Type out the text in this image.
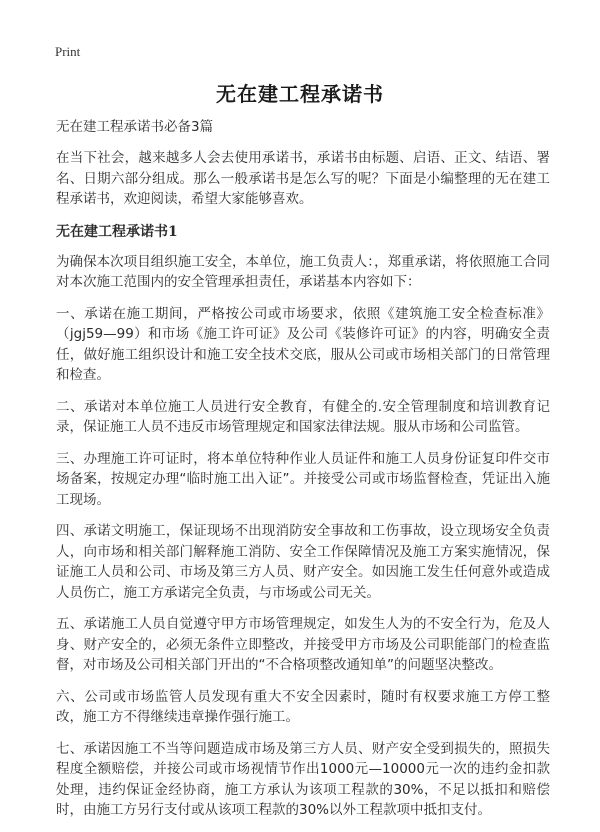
Print
无在建工程承诺书

无在建工程承诺书必备3篇

在当下社会，越来越多人会去使用承诺书，承诺书由标题、启语、正文、结语、署名、日期六部分组成。那么一般承诺书是怎么写的呢？下面是小编整理的无在建工程承诺书，欢迎阅读，希望大家能够喜欢。

无在建工程承诺书1

为确保本次项目组织施工安全，本单位，施工负责人：，郑重承诺，将依照施工合同对本次施工范围内的安全管理承担责任，承诺基本内容如下：

一、承诺在施工期间，严格按公司或市场要求，依照《建筑施工安全检查标准》（jgj59—99）和市场《施工许可证》及公司《装修许可证》的内容，明确安全责任，做好施工组织设计和施工安全技术交底，服从公司或市场相关部门的日常管理和检查。

二、承诺对本单位施工人员进行安全教育，有健全的.安全管理制度和培训教育记录，保证施工人员不违反市场管理规定和国家法律法规。服从市场和公司监管。

三、办理施工许可证时，将本单位特种作业人员证件和施工人员身份证复印件交市场备案，按规定办理“临时施工出入证”。并接受公司或市场监督检查，凭证出入施工现场。

四、承诺文明施工，保证现场不出现消防安全事故和工伤事故，设立现场安全负责人，向市场和相关部门解释施工消防、安全工作保障情况及施工方案实施情况，保证施工人员和公司、市场及第三方人员、财产安全。如因施工发生任何意外或造成人员伤亡，施工方承诺完全负责，与市场或公司无关。

五、承诺施工人员自觉遵守甲方市场管理规定，如发生人为的不安全行为，危及人身、财产安全的，必须无条件立即整改，并接受甲方市场及公司职能部门的检查监督，对市场及公司相关部门开出的“不合格项整改通知单”的问题坚决整改。

六、公司或市场监管人员发现有重大不安全因素时，随时有权要求施工方停工整改，施工方不得继续违章操作强行施工。

七、承诺因施工不当等问题造成市场及第三方人员、财产安全受到损失的，照损失程度全额赔偿，并接公司或市场视情节作出1000元—10000元一次的违约金扣款处理，违约保证金经协商，施工方承认为该项工程款的30%，不足以抵扣和赔偿时，由施工方另行支付或从该项工程款的30%以外工程款项中抵扣支付。
